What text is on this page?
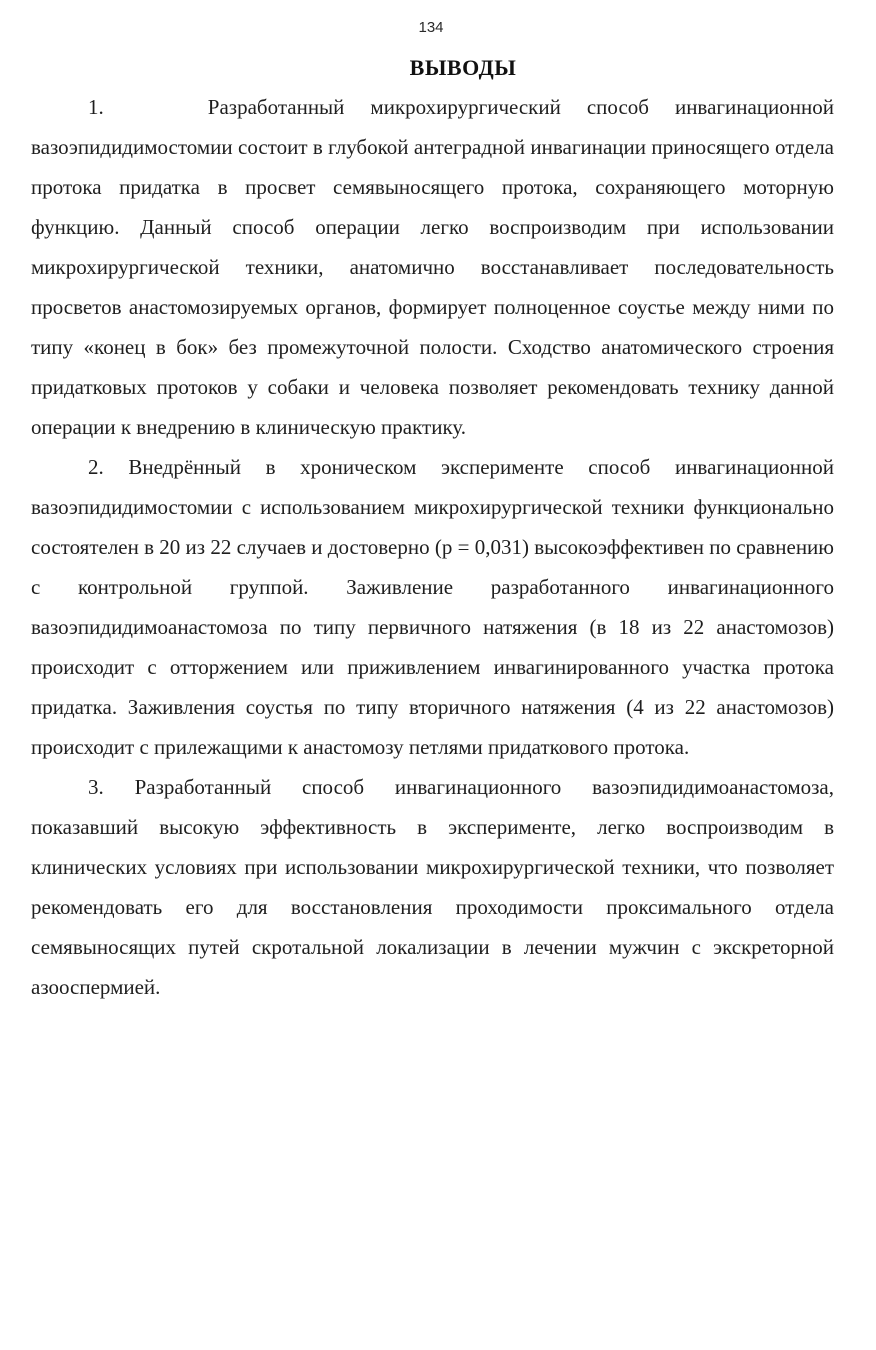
134
ВЫВОДЫ

1.    Разработанный микрохирургический способ инвагинационной вазоэпидидимостомии состоит в глубокой антеградной инвагинации приносящего отдела протока придатка в просвет семявыносящего протока, сохраняющего моторную функцию. Данный способ операции легко воспроизводим при использовании микрохирургической техники, анатомично восстанавливает последовательность просветов анастомозируемых органов, формирует полноценное соустье между ними по типу «конец в бок» без промежуточной полости. Сходство анатомического строения придатковых протоков у собаки и человека позволяет рекомендовать технику данной операции к внедрению в клиническую практику.

2. Внедрённый в хроническом эксперименте способ инвагинационной вазоэпидидимостомии с использованием микрохирургической техники функционально состоятелен в 20 из 22 случаев и достоверно (р = 0,031) высокоэффективен по сравнению с контрольной группой. Заживление разработанного инвагинационного вазоэпидидимоанастомоза по типу первичного натяжения (в 18 из 22 анастомозов) происходит с отторжением или приживлением инвагинированного участка протока придатка. Заживления соустья по типу вторичного натяжения (4 из 22 анастомозов) происходит с прилежащими к анастомозу петлями придаткового протока.

3. Разработанный способ инвагинационного вазоэпидидимоанастомоза, показавший высокую эффективность в эксперименте, легко воспроизводим в клинических условиях при использовании микрохирургической техники, что позволяет рекомендовать его для восстановления проходимости проксимального отдела семявыносящих путей скротальной локализации в лечении мужчин с экскреторной азооспермией.
